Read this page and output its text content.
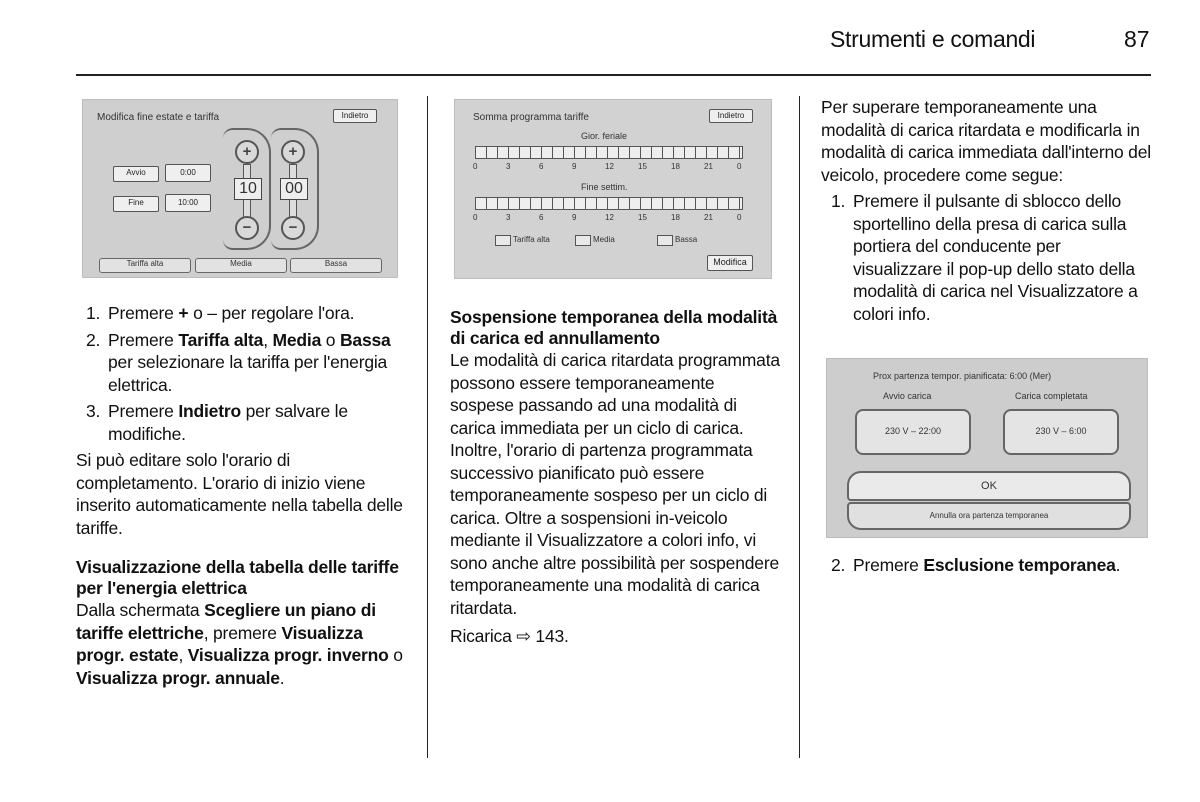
Strumenti e comandi	87
Modifica fine estate e tariffa	Indietro
Avvio	0:00
Fine	10:00
+
10
−
+
00
−
Tariffa alta	Media	Bassa
1. Premere + o – per regolare l'ora.
2. Premere Tariffa alta, Media o Bassa per selezionare la tariffa per l'energia elettrica.
3. Premere Indietro per salvare le modifiche.

Si può editare solo l'orario di completamento. L'orario di inizio viene inserito automaticamente nella tabella delle tariffe.

Visualizzazione della tabella delle tariffe per l'energia elettrica

Dalla schermata Scegliere un piano di tariffe elettriche, premere Visualizza progr. estate, Visualizza progr. inverno o Visualizza progr. annuale.

Somma programma tariffe	Indietro
Gior. feriale
Fine settim.
Tariffa alta	Media	Bassa
Modifica
0	3	6	9	12	15	18	21	0
0	3	6	9	12	15	18	21	0
Sospensione temporanea della modalità di carica ed annullamento

Le modalità di carica ritardata programmata possono essere temporaneamente sospese passando ad una modalità di carica immediata per un ciclo di carica. Inoltre, l'orario di partenza programmata successivo pianificato può essere temporaneamente sospeso per un ciclo di carica. Oltre a sospensioni in-veicolo mediante il Visualizzatore a colori info, vi sono anche altre possibilità per sospendere temporaneamente una modalità di carica ritardata.

Ricarica ⇨ 143.

Per superare temporaneamente una modalità di carica ritardata e modificarla in modalità di carica immediata dall'interno del veicolo, procedere come segue:

1. Premere il pulsante di sblocco dello sportellino della presa di carica sulla portiera del conducente per visualizzare il pop-up dello stato della modalità di carica nel Visualizzatore a colori info.
Prox partenza tempor. pianificata: 6:00 (Mer)
Avvio carica	Carica completata
230 V – 22:00	230 V – 6:00
OK
Annulla ora partenza temporanea
2. Premere Esclusione temporanea.
